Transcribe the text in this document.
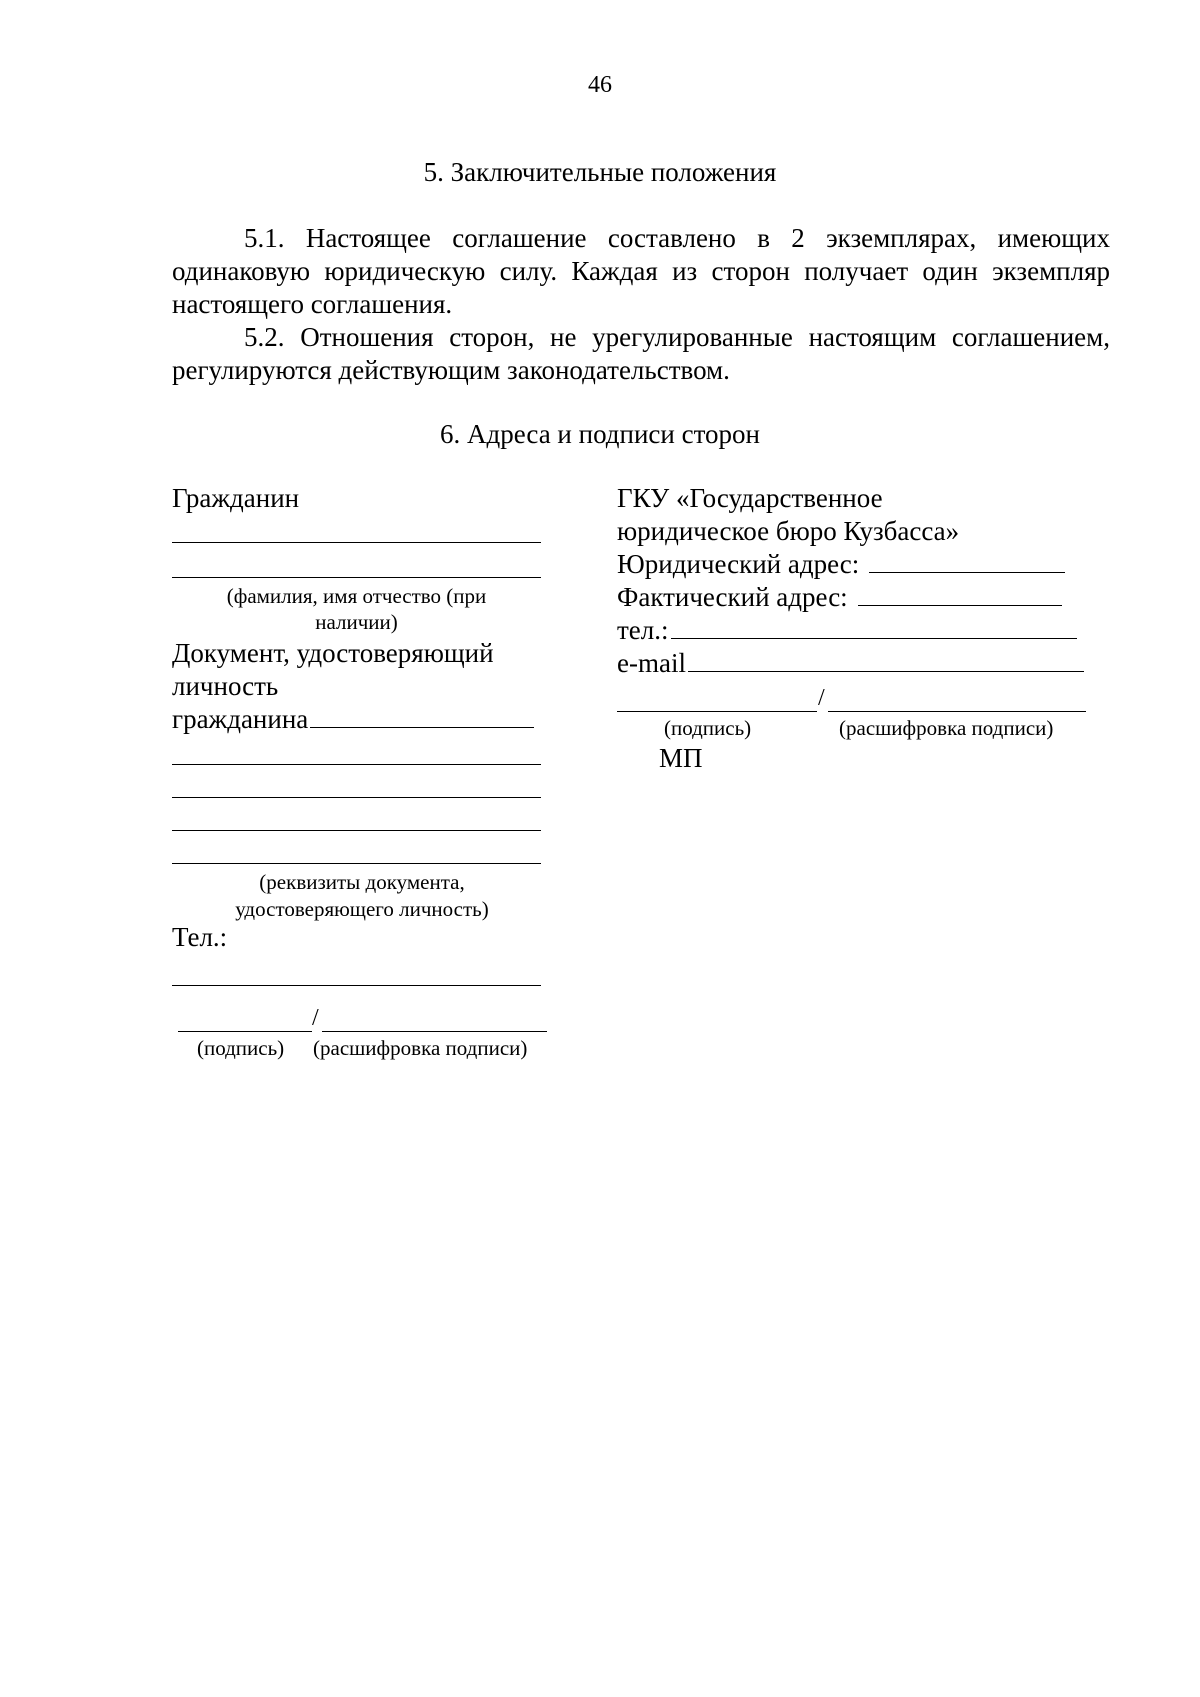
46
5. Заключительные положения

5.1. Настоящее соглашение составлено в 2 экземплярах, имеющих одинаковую юридическую силу. Каждая из сторон получает один экземпляр настоящего соглашения.

5.2. Отношения сторон, не урегулированные настоящим соглашением, регулируются действующим законодательством.

6. Адреса и подписи сторон
Гражданин
(фамилия, имя отчество (при
наличии)
Документ, удостоверяющий
личность
гражданина
(реквизиты документа,
удостоверяющего личность)
Тел.:
/
(подпись) (расшифровка подписи)
ГКУ «Государственное
юридическое бюро Кузбасса»
Юридический адрес:
Фактический адрес:
тел.:
e-mail
/
(подпись)	(расшифровка подписи)
МП
